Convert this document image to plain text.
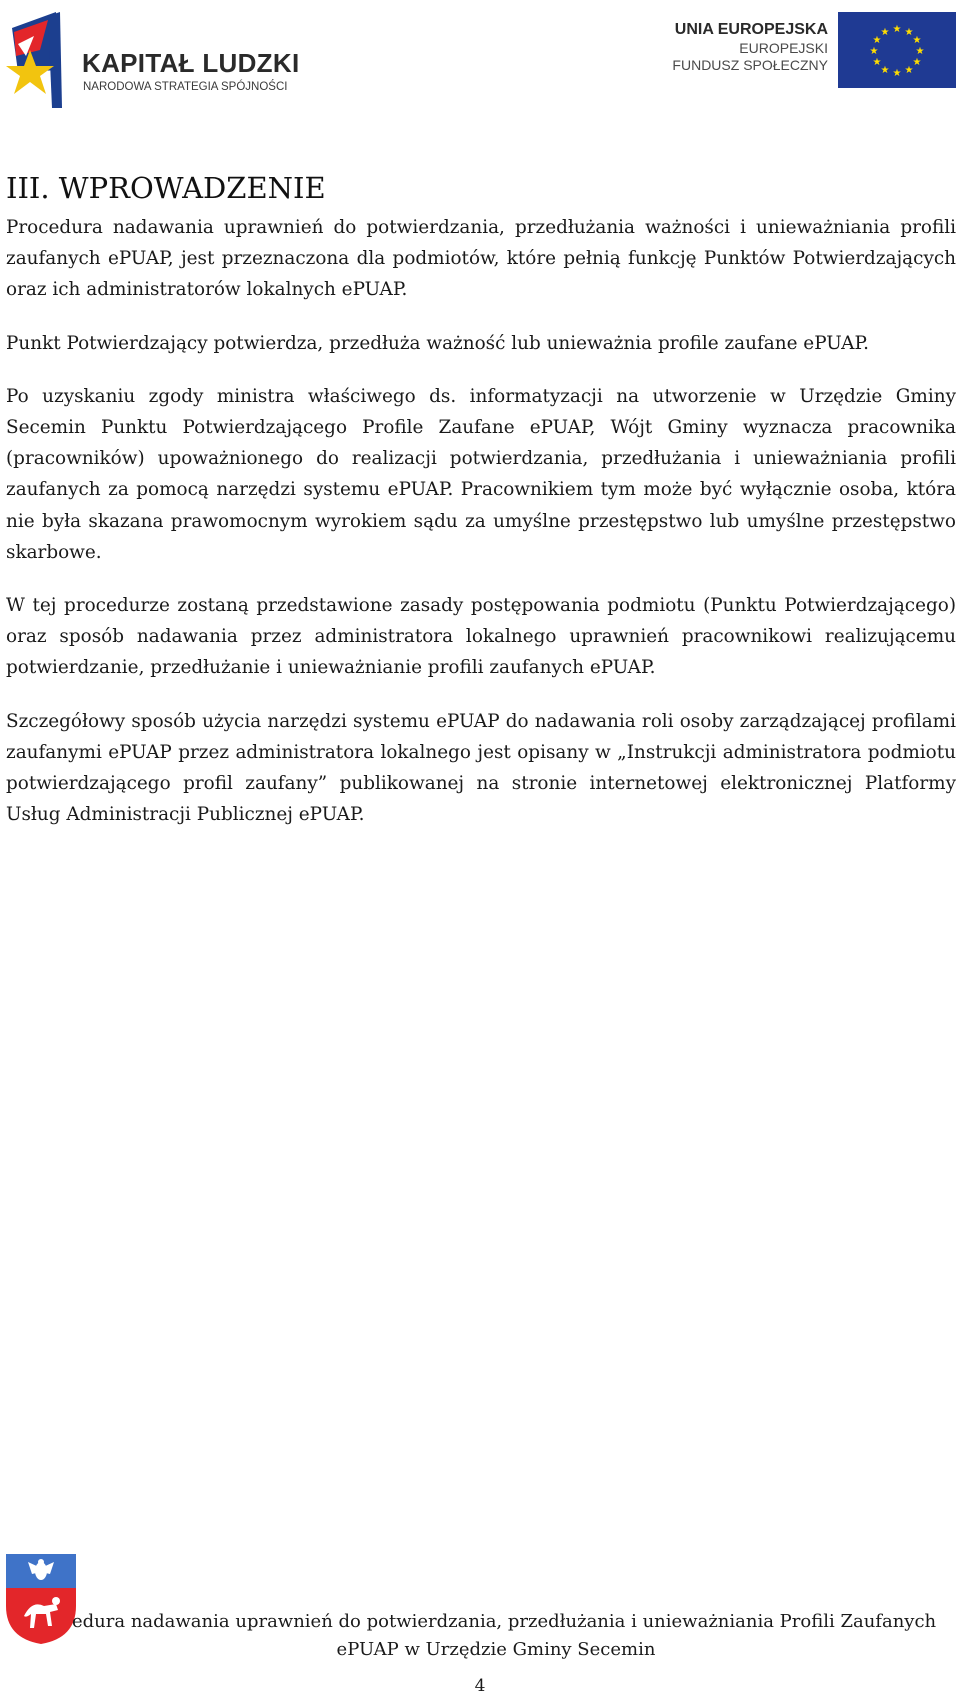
KAPITAŁ LUDZKI

NARODOWA STRATEGIA SPÓJNOŚCI

UNIA EUROPEJSKA
EUROPEJSKI
FUNDUSZ SPOŁECZNY
★ ★
★
★
★
★
★
★
★
★
★
★
III. WPROWADZENIE

Procedura nadawania uprawnień do potwierdzania, przedłużania ważności i unieważniania profili zaufanych ePUAP, jest przeznaczona dla podmiotów, które pełnią funkcję Punktów Potwierdzających oraz ich administratorów lokalnych ePUAP.

Punkt Potwierdzający potwierdza, przedłuża ważność lub unieważnia profile zaufane ePUAP.

Po uzyskaniu zgody ministra właściwego ds. informatyzacji na utworzenie w Urzędzie Gminy Secemin Punktu Potwierdzającego Profile Zaufane ePUAP, Wójt Gminy wyznacza pracownika (pracowników) upoważnionego do realizacji potwierdzania, przedłużania i unieważniania profili zaufanych za pomocą narzędzi systemu ePUAP. Pracownikiem tym może być wyłącznie osoba, która nie była skazana prawomocnym wyrokiem sądu za umyślne przestępstwo lub umyślne przestępstwo skarbowe.

W tej procedurze zostaną przedstawione zasady postępowania podmiotu (Punktu Potwierdzającego) oraz sposób nadawania przez administratora lokalnego uprawnień pracownikowi realizującemu potwierdzanie, przedłużanie i unieważnianie profili zaufanych ePUAP.

Szczegółowy sposób użycia narzędzi systemu ePUAP do nadawania roli osoby zarządzającej profilami zaufanymi ePUAP przez administratora lokalnego jest opisany w „Instrukcji administratora podmiotu potwierdzającego profil zaufany” publikowanej na stronie internetowej elektronicznej Platformy Usług Administracji Publicznej ePUAP.

edura nadawania uprawnień do potwierdzania, przedłużania i unieważniania Profili Zaufanych
ePUAP w Urzędzie Gminy Secemin
4
